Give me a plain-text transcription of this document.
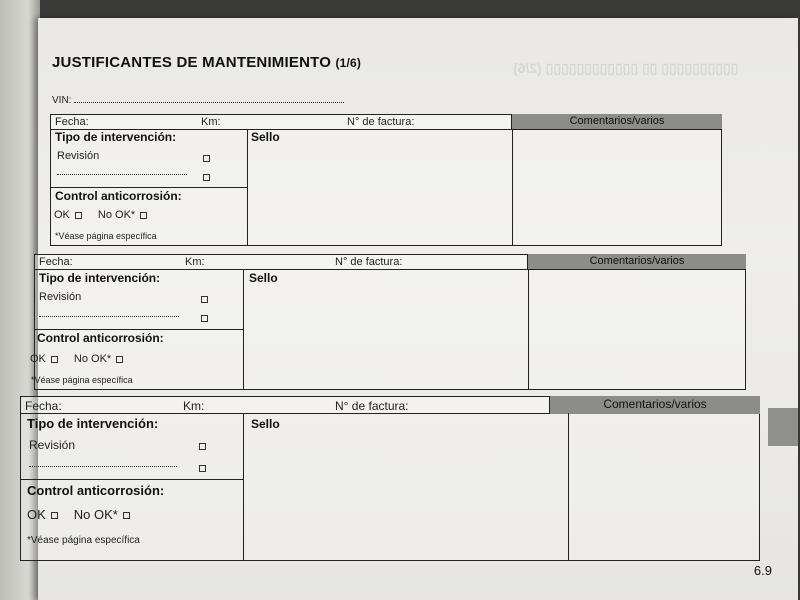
▯▯▯▯▯▯▯▯▯▯ ▯▯ ▯▯▯▯▯▯▯▯▯▯▯▯ (2/6)
JUSTIFICANTES DE MANTENIMIENTO (1/6)
VIN:
Fecha:	Km:	N° de factura:	Comentarios/varios
Tipo de intervención:
Revisión
Control anticorrosión:
OK	No OK*
*Véase página específica
Sello
Fecha:	Km:	N° de factura:	Comentarios/varios
Tipo de intervención:
Revisión
Control anticorrosión:
OK	No OK*
*Véase página específica
Sello
Fecha:	Km:	N° de factura:	Comentarios/varios
Tipo de intervención:
Revisión
Control anticorrosión:
OK No OK*
*Véase página específica
Sello
6.9
